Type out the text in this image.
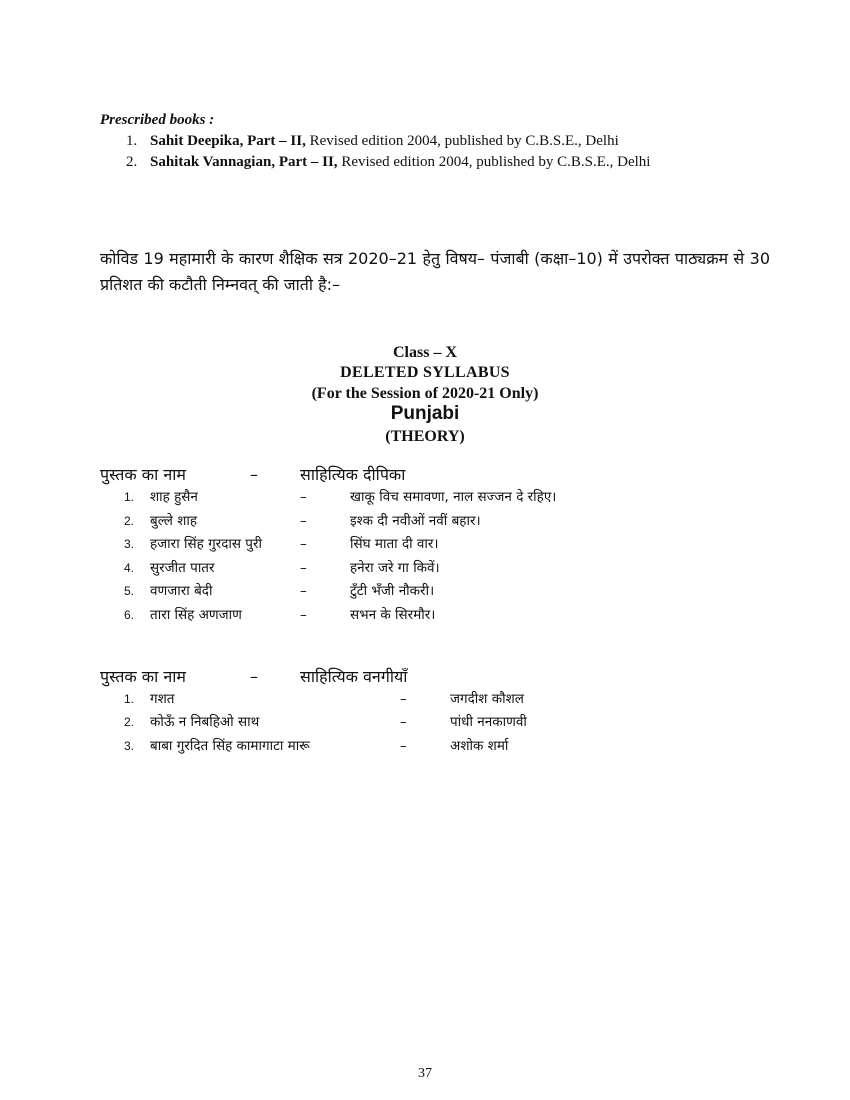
Prescribed books :
1. Sahit Deepika, Part – II, Revised edition 2004, published by C.B.S.E., Delhi
2. Sahitak Vannagian, Part – II, Revised edition 2004, published by C.B.S.E., Delhi
कोविड 19 महामारी के कारण शैक्षिक सत्र 2020–21 हेतु विषय– पंजाबी (कक्षा–10) में उपरोक्त पाठ्यक्रम से 30 प्रतिशत की कटौती निम्नवत् की जाती है:–
Class – X
DELETED SYLLABUS
(For the Session of 2020-21 Only)
Punjabi
(THEORY)
पुस्तक का नाम	–	साहित्यिक दीपिका
1. शाह हुसैन	–	खाकू विच समावणा, नाल सज्जन दे रहिए।
2. बुल्ले शाह	–	इश्क दी नवीओं नवीं बहार।
3. हजारा सिंह गुरदास पुरी	–	सिंघ माता दी वार।
4. सुरजीत पातर	–	हनेरा जरे गा किवें।
5. वणजारा बेदी	–	टुँटी भँजी नौकरी।
6. तारा सिंह अणजाण	–	सभन के सिरमौर।
पुस्तक का नाम	–	साहित्यिक वनगीयाँ
1. गशत	–	जगदीश कौशल
2. कोऊँ न निबहिओ साथ	–	पांधी ननकाणवी
3. बाबा गुरदित सिंह कामागाटा मारू	–	अशोक शर्मा
37
